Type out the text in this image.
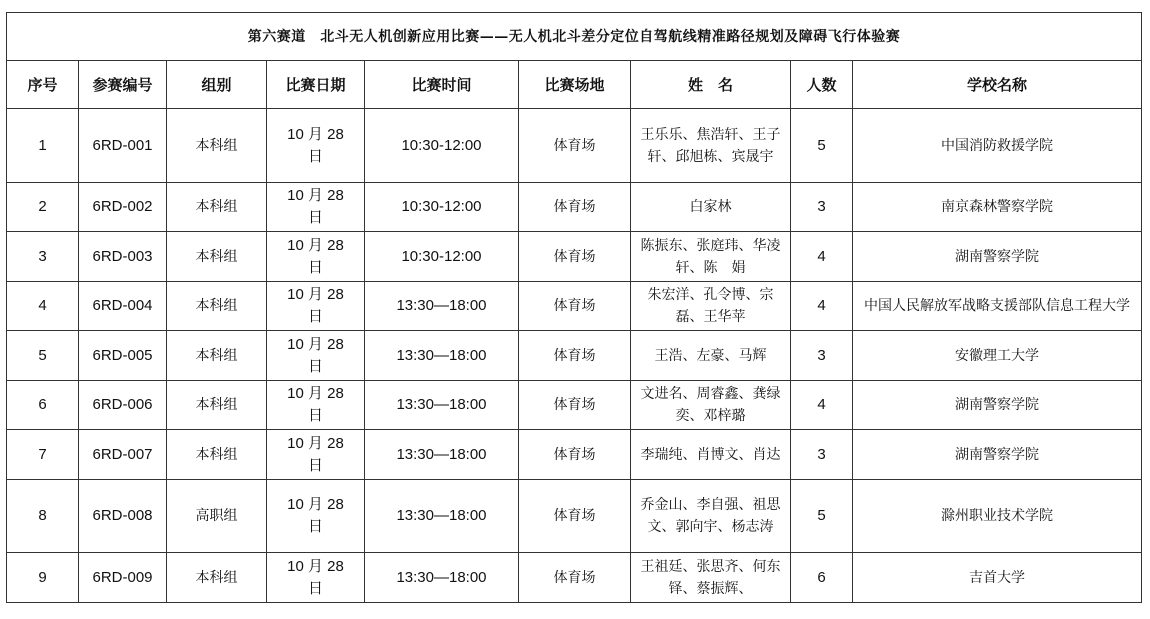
第六赛道　北斗无人机创新应用比赛——无人机北斗差分定位自驾航线精准路径规划及障碍飞行体验赛								
序号	参赛编号	组别	比赛日期	比赛时间	比赛场地	姓　名	人数	学校名称
1	6RD-001	本科组	10 月 28 日	10:30-12:00	体育场	王乐乐、焦浩轩、王子轩、邱旭栋、宾晟宇	5	中国消防救援学院
2	6RD-002	本科组	10 月 28 日	10:30-12:00	体育场	白家林	3	南京森林警察学院
3	6RD-003	本科组	10 月 28 日	10:30-12:00	体育场	陈振东、张庭玮、华凌轩、陈　娟	4	湖南警察学院
4	6RD-004	本科组	10 月 28 日	13:30—18:00	体育场	朱宏洋、孔令博、宗磊、王华苹	4	中国人民解放军战略支援部队信息工程大学
5	6RD-005	本科组	10 月 28 日	13:30—18:00	体育场	王浩、左豪、马辉	3	安徽理工大学
6	6RD-006	本科组	10 月 28 日	13:30—18:00	体育场	文进名、周睿鑫、龚绿奕、邓梓璐	4	湖南警察学院
7	6RD-007	本科组	10 月 28 日	13:30—18:00	体育场	李瑞纯、肖博文、肖达	3	湖南警察学院
8	6RD-008	高职组	10 月 28 日	13:30—18:00	体育场	乔金山、李自强、祖思文、郭向宇、杨志涛	5	滁州职业技术学院
9	6RD-009	本科组	10 月 28 日	13:30—18:00	体育场	王祖廷、张思齐、何东铎、蔡振辉、	6	吉首大学
